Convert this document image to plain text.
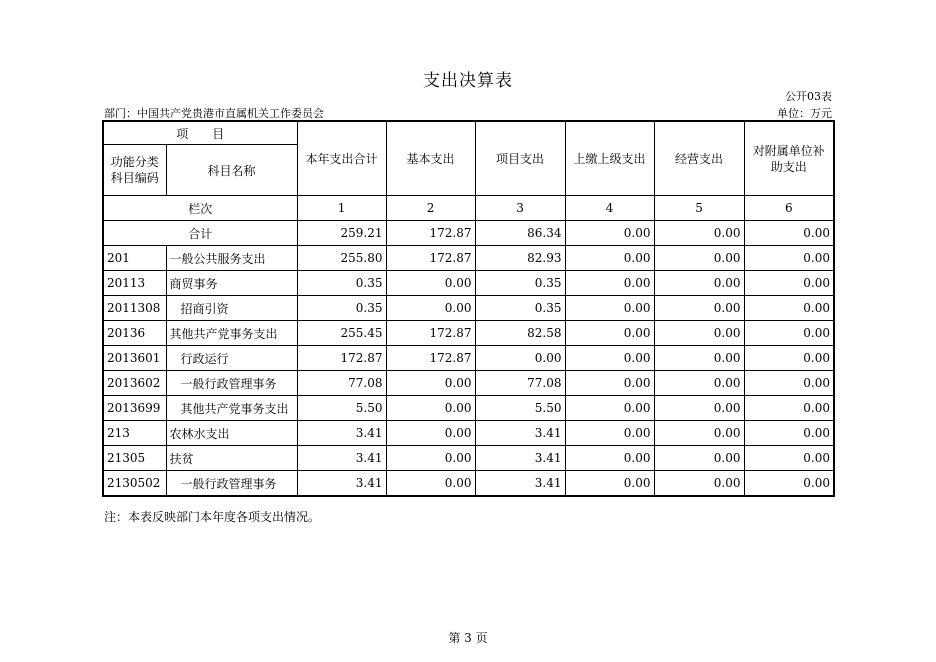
支出决算表
公开03表
部门：中国共产党贵港市直属机关工作委员会	单位：万元
项　　目		本年支出合计	基本支出	项目支出	上缴上级支出	经营支出	对附属单位补助支出
功能分类科目编码	科目名称						
栏次		1	2	3	4	5	6
合计		259.21	172.87	86.34	0.00	0.00	0.00
201	一般公共服务支出	255.80	172.87	82.93	0.00	0.00	0.00
20113	商贸事务	0.35	0.00	0.35	0.00	0.00	0.00
2011308	招商引资	0.35	0.00	0.35	0.00	0.00	0.00
20136	其他共产党事务支出	255.45	172.87	82.58	0.00	0.00	0.00
2013601	行政运行	172.87	172.87	0.00	0.00	0.00	0.00
2013602	一般行政管理事务	77.08	0.00	77.08	0.00	0.00	0.00
2013699	其他共产党事务支出	5.50	0.00	5.50	0.00	0.00	0.00
213	农林水支出	3.41	0.00	3.41	0.00	0.00	0.00
21305	扶贫	3.41	0.00	3.41	0.00	0.00	0.00
2130502	一般行政管理事务	3.41	0.00	3.41	0.00	0.00	0.00
注：本表反映部门本年度各项支出情况。
第 3 页
